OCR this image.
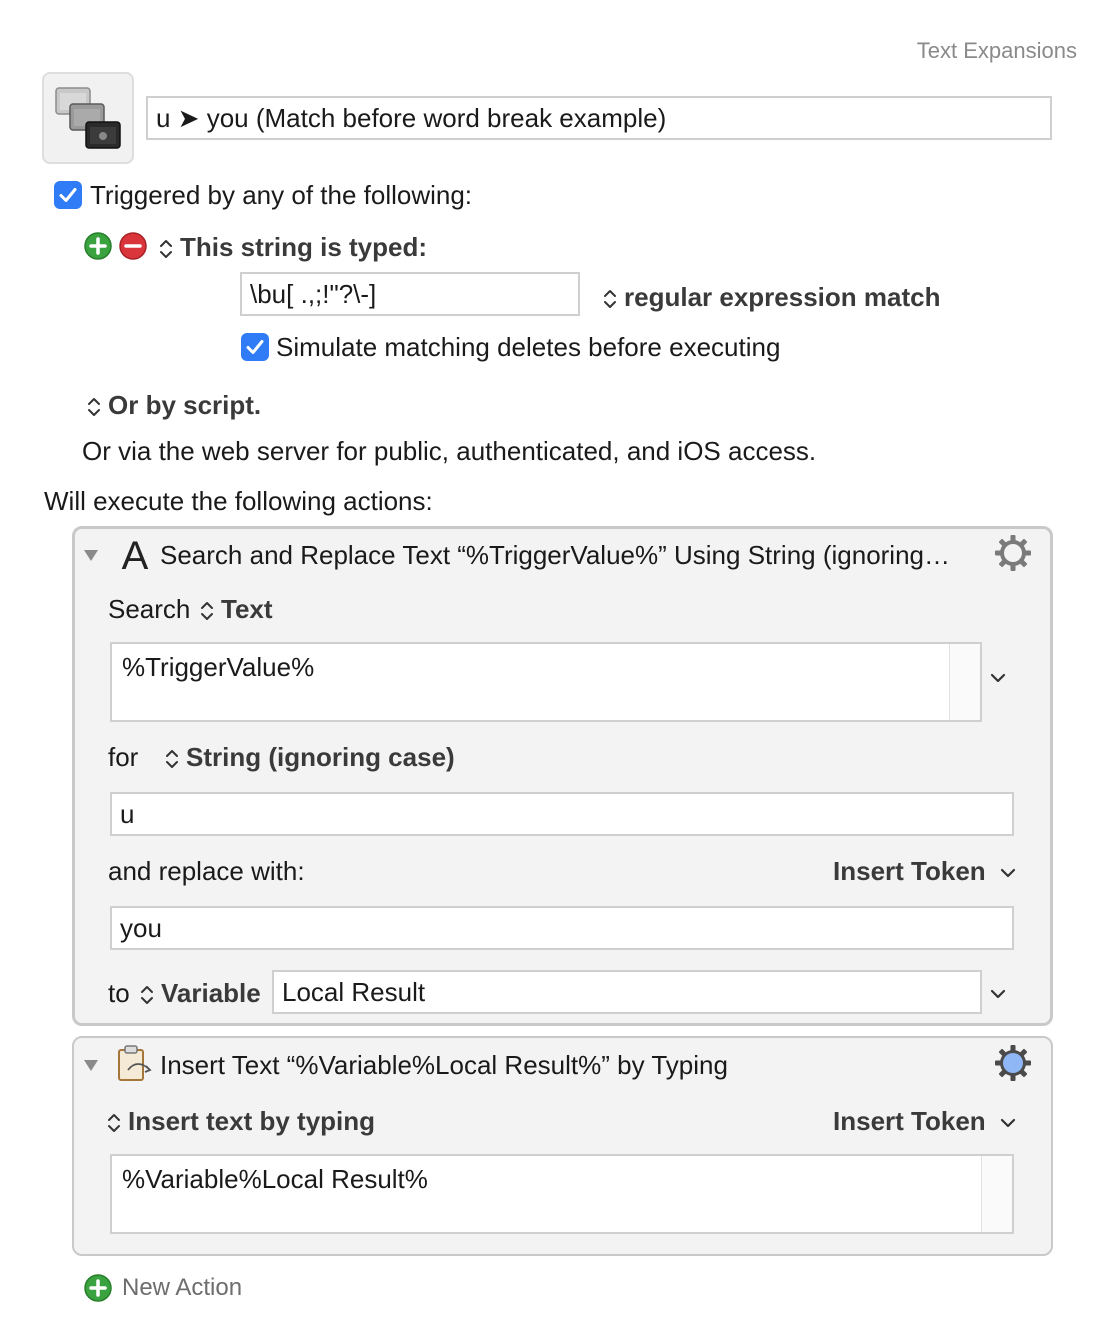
Text Expansions
u ➤ you (Match before word break example)
Triggered by any of the following:
This string is typed:
\bu[ .,;!"?\-]	regular expression match
Simulate matching deletes before executing
Or by script.
Or via the web server for public, authenticated, and iOS access.
Will execute the following actions:
A Search and Replace Text “%TriggerValue%” Using String (ignoring…
Search	Text
%TriggerValue%
for	String (ignoring case)
u
and replace with:	Insert Token
you
to	Variable Local Result
Insert Text “%Variable%Local Result%” by Typing
Insert text by typing	Insert Token
%Variable%Local Result%
New Action
